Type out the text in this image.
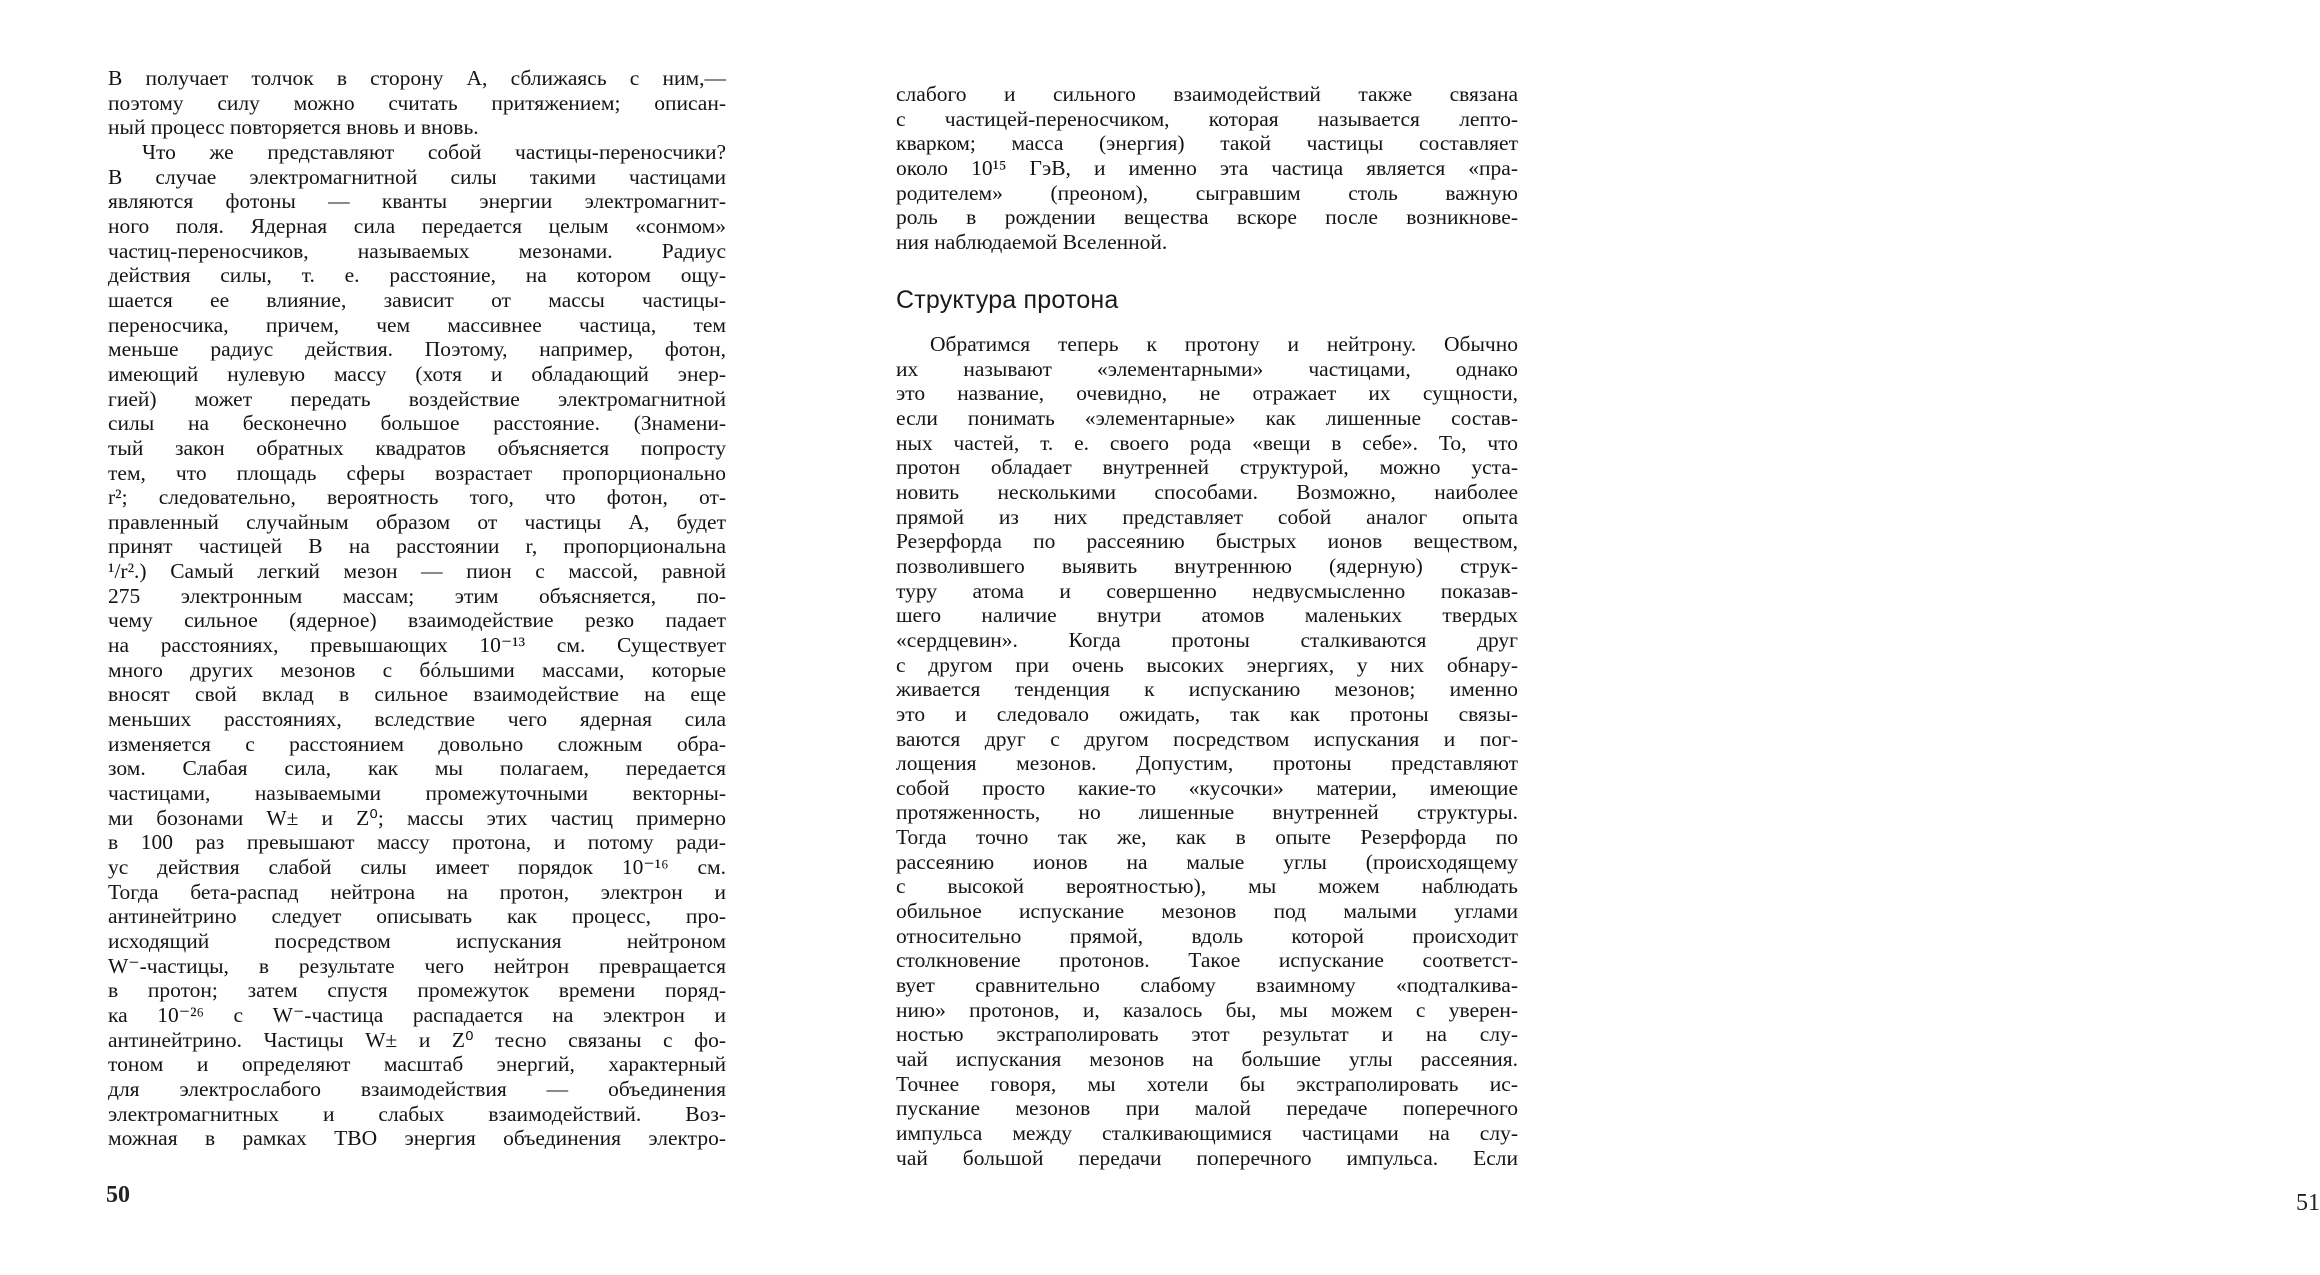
В получает толчок в сторону А, сближаясь с ним,—
поэтому силу можно считать притяжением; описан-
ный процесс повторяется вновь и вновь.
Что же представляют собой частицы-переносчики?
В случае электромагнитной силы такими частицами
являются фотоны — кванты энергии электромагнит-
ного поля. Ядерная сила передается целым «сонмом»
частиц-переносчиков, называемых мезонами. Радиус
действия силы, т. е. расстояние, на котором ощу-
шается ее влияние, зависит от массы частицы-
переносчика, причем, чем массивнее частица, тем
меньше радиус действия. Поэтому, например, фотон,
имеющий нулевую массу (хотя и обладающий энер-
гией) может передать воздействие электромагнитной
силы на бесконечно большое расстояние. (Знамени-
тый закон обратных квадратов объясняется попросту
тем, что площадь сферы возрастает пропорционально
r²; следовательно, вероятность того, что фотон, от-
правленный случайным образом от частицы А, будет
принят частицей В на расстоянии r, пропорциональна
¹/r².) Самый легкий мезон — пион с массой, равной
275 электронным массам; этим объясняется, по-
чему сильное (ядерное) взаимодействие резко падает
на расстояниях, превышающих 10⁻¹³ см. Существует
много других мезонов с бóльшими массами, которые
вносят свой вклад в сильное взаимодействие на еще
меньших расстояниях, вследствие чего ядерная сила
изменяется с расстоянием довольно сложным обра-
зом. Слабая сила, как мы полагаем, передается
частицами, называемыми промежуточными векторны-
ми бозонами W± и Z⁰; массы этих частиц примерно
в 100 раз превышают массу протона, и потому ради-
ус действия слабой силы имеет порядок 10⁻¹⁶ см.
Тогда бета-распад нейтрона на протон, электрон и
антинейтрино следует описывать как процесс, про-
исходящий посредством испускания нейтроном
W⁻-частицы, в результате чего нейтрон превращается
в протон; затем спустя промежуток времени поряд-
ка 10⁻²⁶ с W⁻-частица распадается на электрон и
антинейтрино. Частицы W± и Z⁰ тесно связаны с фо-
тоном и определяют масштаб энергий, характерный
для электрослабого взаимодействия — объединения
электромагнитных и слабых взаимодействий. Воз-
можная в рамках ТВО энергия объединения электро-
50
слабого и сильного взаимодействий также связана
с частицей-переносчиком, которая называется лепто-
кварком; масса (энергия) такой частицы составляет
около 10¹⁵ ГэВ, и именно эта частица является «пра-
родителем» (преоном), сыгравшим столь важную
роль в рождении вещества вскоре после возникнове-
ния наблюдаемой Вселенной.
Структура протона
Обратимся теперь к протону и нейтрону. Обычно
их называют «элементарными» частицами, однако
это название, очевидно, не отражает их сущности,
если понимать «элементарные» как лишенные состав-
ных частей, т. е. своего рода «вещи в себе». То, что
протон обладает внутренней структурой, можно уста-
новить несколькими способами. Возможно, наиболее
прямой из них представляет собой аналог опыта
Резерфорда по рассеянию быстрых ионов веществом,
позволившего выявить внутреннюю (ядерную) струк-
туру атома и совершенно недвусмысленно показав-
шего наличие внутри атомов маленьких твердых
«сердцевин». Когда протоны сталкиваются друг
с другом при очень высоких энергиях, у них обнару-
живается тенденция к испусканию мезонов; именно
это и следовало ожидать, так как протоны связы-
ваются друг с другом посредством испускания и пог-
лощения мезонов. Допустим, протоны представляют
собой просто какие-то «кусочки» материи, имеющие
протяженность, но лишенные внутренней структуры.
Тогда точно так же, как в опыте Резерфорда по
рассеянию ионов на малые углы (происходящему
с высокой вероятностью), мы можем наблюдать
обильное испускание мезонов под малыми углами
относительно прямой, вдоль которой происходит
столкновение протонов. Такое испускание соответст-
вует сравнительно слабому взаимному «подталкива-
нию» протонов, и, казалось бы, мы можем с уверен-
ностью экстраполировать этот результат и на слу-
чай испускания мезонов на большие углы рассеяния.
Точнее говоря, мы хотели бы экстраполировать ис-
пускание мезонов при малой передаче поперечного
импульса между сталкивающимися частицами на слу-
чай большой передачи поперечного импульса. Если
51
